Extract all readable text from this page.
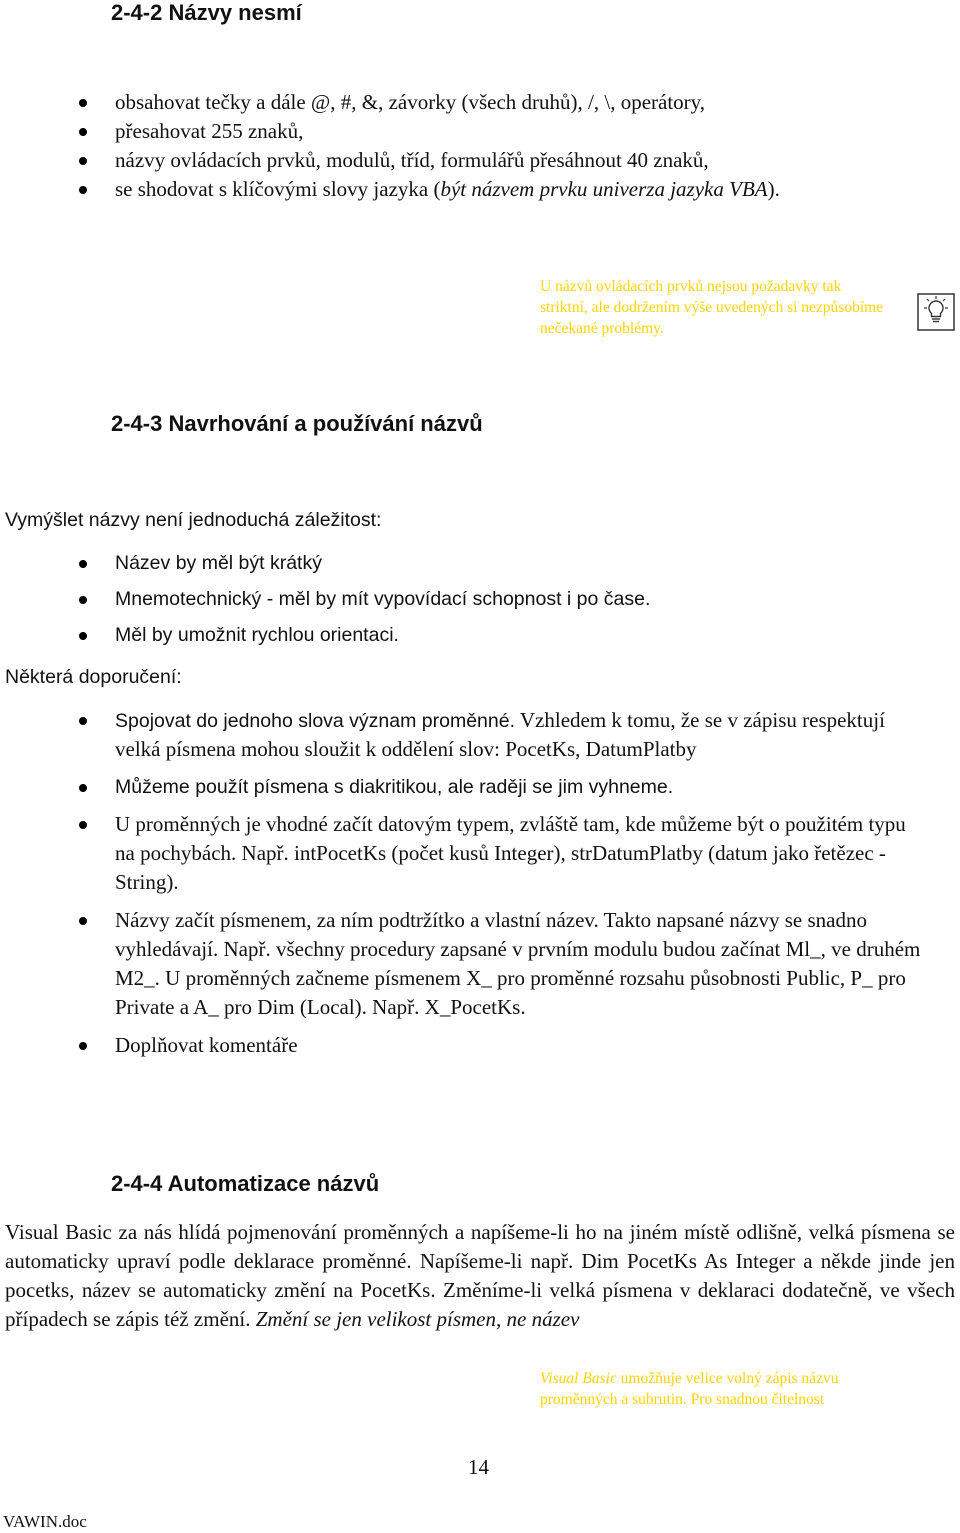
2-4-2 Názvy nesmí
obsahovat tečky a dále @, #, &, závorky (všech druhů), /, \, operátory,
přesahovat 255 znaků,
názvy ovládacích prvků, modulů, tříd, formulářů přesáhnout 40 znaků,
se shodovat s klíčovými slovy jazyka (být názvem prvku univerza jazyka VBA).
U názvů ovládacích prvků nejsou požadavky tak striktní, ale dodržením výše uvedených si nezpůsobíme nečekané problémy.
2-4-3 Navrhování a používání názvů
Vymýšlet názvy není jednoduchá záležitost:
Název by měl být krátký
Mnemotechnický - měl by mít vypovídací schopnost i po čase.
Měl by umožnit rychlou orientaci.
Některá doporučení:
Spojovat do jednoho slova význam proměnné. Vzhledem k tomu, že se v zápisu respektují velká písmena mohou sloužit k oddělení slov: PocetKs, DatumPlatby
Můžeme použít písmena s diakritikou, ale raději se jim vyhneme.
U proměnných je vhodné začít datovým typem, zvláště tam, kde můžeme být o použitém typu na pochybách. Např. intPocetKs (počet kusů Integer), strDatumPlatby (datum jako řetězec - String).
Názvy začít písmenem, za ním podtržítko a vlastní název. Takto napsané názvy se snadno vyhledávají. Např. všechny procedury zapsané v prvním modulu budou začínat Ml_, ve druhém M2_. U proměnných začneme písmenem X_ pro proměnné rozsahu působnosti Public, P_ pro Private a A_ pro Dim (Local). Např. X_PocetKs.
Doplňovat komentáře
2-4-4 Automatizace názvů
Visual Basic za nás hlídá pojmenování proměnných a napíšeme-li ho na jiném místě odlišně, velká písmena se automaticky upraví podle deklarace proměnné. Napíšeme-li např. Dim PocetKs As Integer a někde jinde jen pocetks, název se automaticky změní na PocetKs. Změníme-li velká písmena v deklaraci dodatečně, ve všech případech se zápis též změní. Změní se jen velikost písmen, ne název
Visual Basic umožňuje velice volný zápis názvu proměnných a subrutin. Pro snadnou čitelnost
14
VAWIN.doc
